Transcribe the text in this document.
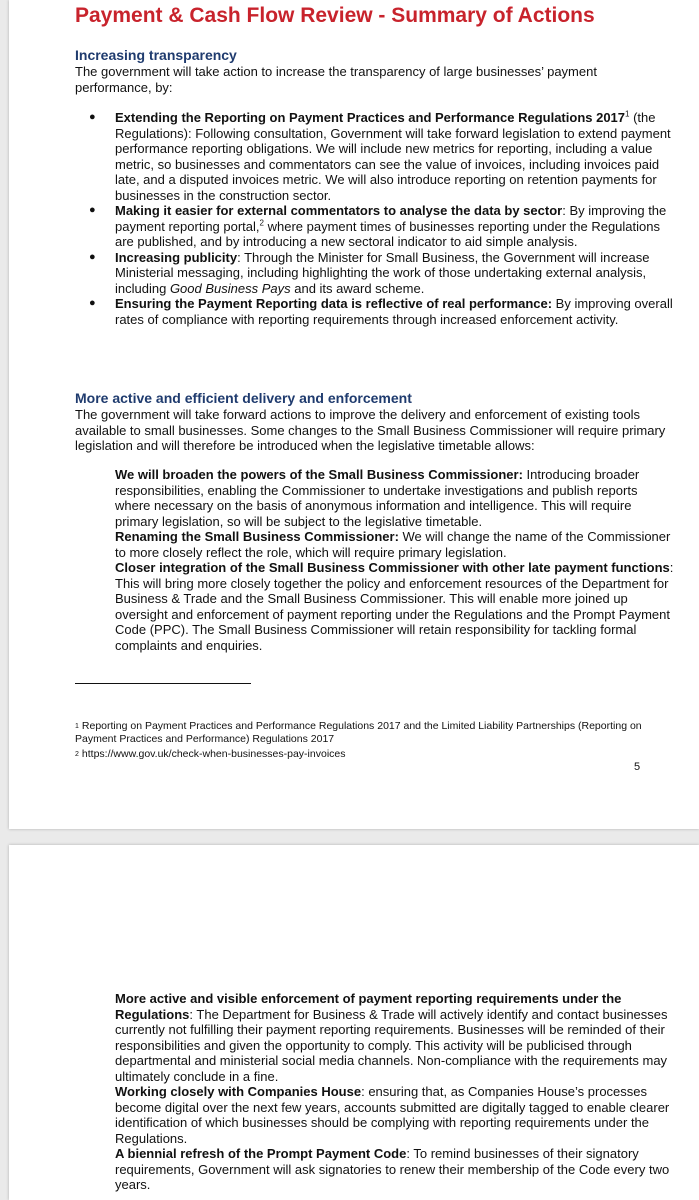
Payment & Cash Flow Review - Summary of Actions
Increasing transparency

The government will take action to increase the transparency of large businesses’ payment performance, by:

● Extending the Reporting on Payment Practices and Performance Regulations 2017$^1$ (the Regulations): Following consultation, Government will take forward legislation to extend payment performance reporting obligations. We will include new metrics for reporting, including a value metric, so businesses and commentators can see the value of invoices, including invoices paid late, and a disputed invoices metric. We will also introduce reporting on retention payments for businesses in the construction sector.
● Making it easier for external commentators to analyse the data by sector: By improving the payment reporting portal,$^2$ where payment times of businesses reporting under the Regulations are published, and by introducing a new sectoral indicator to aid simple analysis.
● Increasing publicity: Through the Minister for Small Business, the Government will increase Ministerial messaging, including highlighting the work of those undertaking external analysis, including Good Business Pays and its award scheme.
● Ensuring the Payment Reporting data is reflective of real performance: By improving overall rates of compliance with reporting requirements through increased enforcement activity.
More active and efficient delivery and enforcement

The government will take forward actions to improve the delivery and enforcement of existing tools available to small businesses. Some changes to the Small Business Commissioner will require primary legislation and will therefore be introduced when the legislative timetable allows:

We will broaden the powers of the Small Business Commissioner: Introducing broader responsibilities, enabling the Commissioner to undertake investigations and publish reports where necessary on the basis of anonymous information and intelligence. This will require primary legislation, so will be subject to the legislative timetable.

Renaming the Small Business Commissioner: We will change the name of the Commissioner to more closely reflect the role, which will require primary legislation.

Closer integration of the Small Business Commissioner with other late payment functions: This will bring more closely together the policy and enforcement resources of the Department for Business & Trade and the Small Business Commissioner. This will enable more joined up oversight and enforcement of payment reporting under the Regulations and the Prompt Payment Code (PPC). The Small Business Commissioner will retain responsibility for tackling formal complaints and enquiries.

$^1$ Reporting on Payment Practices and Performance Regulations 2017 and the Limited Liability Partnerships (Reporting on Payment Practices and Performance) Regulations 2017

$^2$ https://www.gov.uk/check-when-businesses-pay-invoices

5

More active and visible enforcement of payment reporting requirements under the Regulations: The Department for Business & Trade will actively identify and contact businesses currently not fulfilling their payment reporting requirements. Businesses will be reminded of their responsibilities and given the opportunity to comply. This activity will be publicised through departmental and ministerial social media channels. Non-compliance with the requirements may ultimately conclude in a fine.

Working closely with Companies House: ensuring that, as Companies House’s processes become digital over the next few years, accounts submitted are digitally tagged to enable clearer identification of which businesses should be complying with reporting requirements under the Regulations.

A biennial refresh of the Prompt Payment Code: To remind businesses of their signatory requirements, Government will ask signatories to renew their membership of the Code every two years.
